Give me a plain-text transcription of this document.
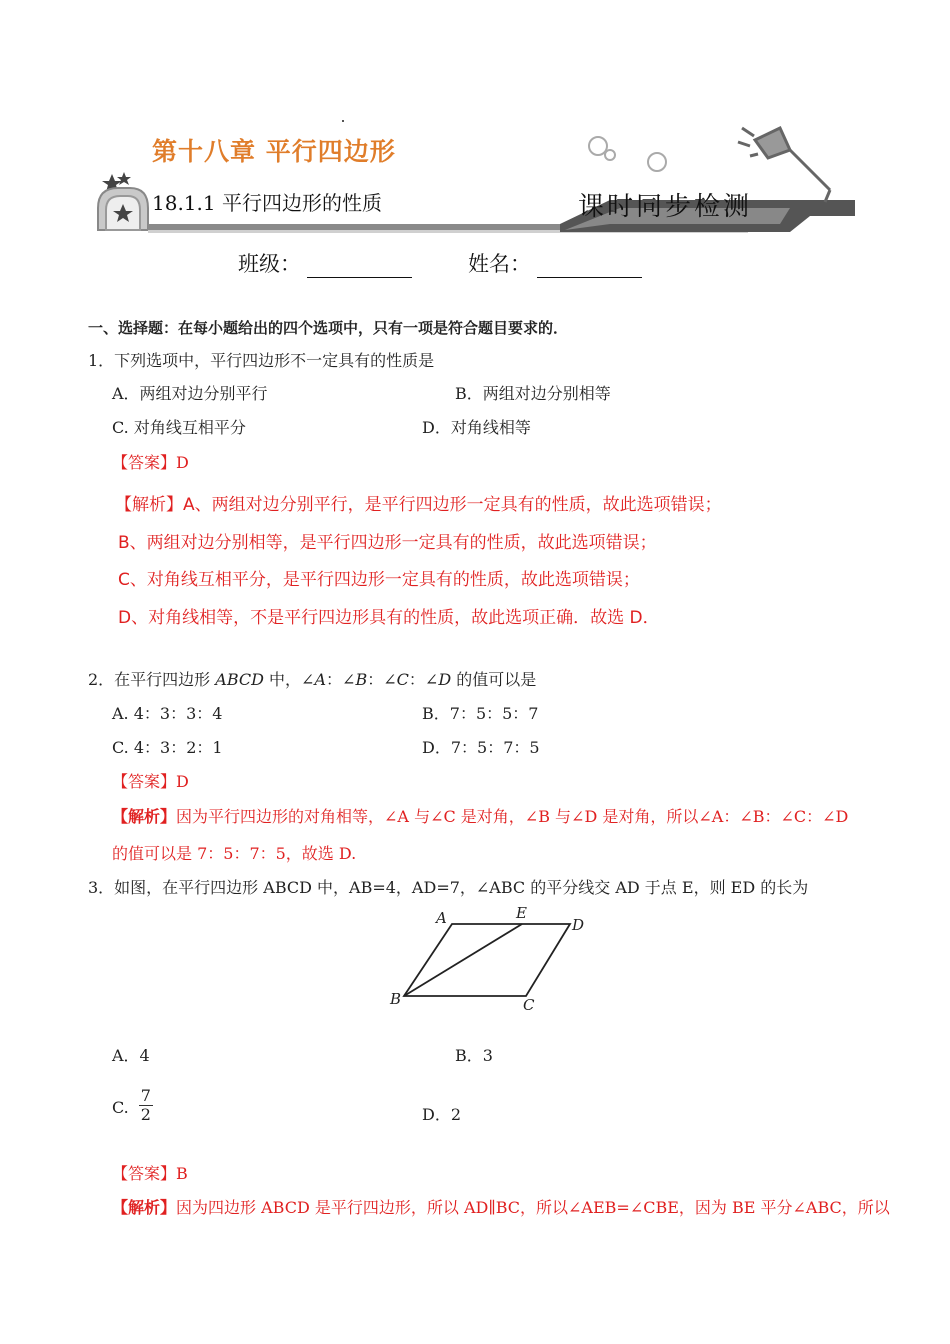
第十八章 平行四边形
18.1.1 平行四边形的性质	课时同步检测
班级：	姓名：
一、选择题：在每小题给出的四个选项中，只有一项是符合题目要求的．
1．下列选项中，平行四边形不一定具有的性质是
A．两组对边分别平行	B．两组对边分别相等
C. 对角线互相平分	D．对角线相等
【答案】D
【解析】A、两组对边分别平行，是平行四边形一定具有的性质，故此选项错误；
B、两组对边分别相等，是平行四边形一定具有的性质，故此选项错误；
C、对角线互相平分，是平行四边形一定具有的性质，故此选项错误；
D、对角线相等，不是平行四边形具有的性质，故此选项正确．故选 D．
2．在平行四边形 ABCD 中，∠A：∠B：∠C：∠D 的值可以是
A. 4：3：3：4	B．7：5：5：7
C. 4：3：2：1	D．7：5：7：5
【答案】D
【解析】因为平行四边形的对角相等，∠A 与∠C 是对角，∠B 与∠D 是对角，所以∠A：∠B：∠C：∠D
的值可以是 7：5：7：5，故选 D.
3．如图，在平行四边形 ABCD 中，AB=4，AD=7，∠ABC 的平分线交 AD 于点 E，则 ED 的长为
A	E
D
B	C
A．4	B．3
C. $\frac{7}{2}$	D．2
【答案】B
【解析】因为四边形 ABCD 是平行四边形，所以 AD∥BC，所以∠AEB=∠CBE，因为 BE 平分∠ABC，所以
